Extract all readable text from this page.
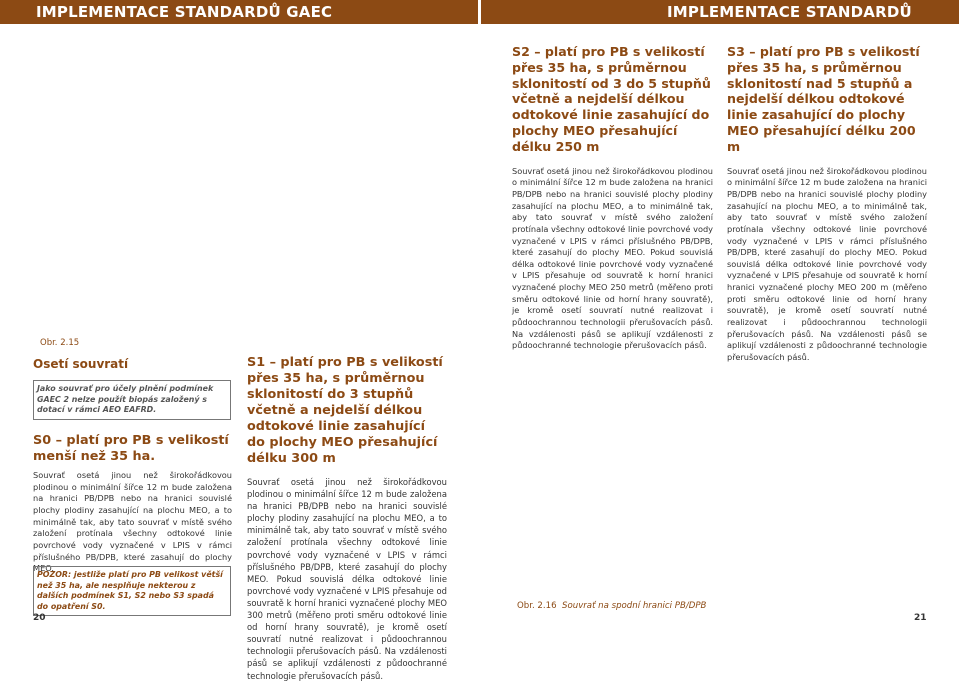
IMPLEMENTACE STANDARDŮ GAEC	IMPLEMENTACE STANDARDŮ GAEC
S2 – platí pro PB s velikostí přes 35 ha, s průměrnou sklonitostí od 3 do 5 stupňů včetně a nejdelší délkou odtokové linie zasahující do plochy MEO přesahující délku 250 m

Souvrať osetá jinou než širokořádkovou plodinou o minimální šířce 12 m bude založena na hranici PB/DPB nebo na hranici souvislé plochy plodiny zasahující na plochu MEO, a to minimálně tak, aby tato souvrať v místě svého založení protínala všechny odtokové linie povrchové vody vyznačené v LPIS v rámci příslušného PB/DPB, které zasahují do plochy MEO. Pokud souvislá délka odtokové linie povrchové vody vyznačené v LPIS přesahuje od souvratě k horní hranici vyznačené plochy MEO 250 metrů (měřeno proti směru odtokové linie od horní hrany souvratě), je kromě osetí souvratí nutné realizovat i půdoochrannou technologii přerušovacích pásů. Na vzdálenosti pásů se aplikují vzdálenosti z půdoochranné technologie přerušovacích pásů.

S3 – platí pro PB s velikostí přes 35 ha, s průměrnou sklonitostí nad 5 stupňů a nejdelší délkou odtokové linie zasahující do plochy MEO přesahující délku 200 m

Souvrať osetá jinou než širokořádkovou plodinou o minimální šířce 12 m bude založena na hranici PB/DPB nebo na hranici souvislé plochy plodiny zasahující na plochu MEO, a to minimálně tak, aby tato souvrať v místě svého založení protínala všechny odtokové linie povrchové vody vyznačené v LPIS v rámci příslušného PB/DPB, které zasahují do plochy MEO. Pokud souvislá délka odtokové linie povrchové vody vyznačené v LPIS přesahuje od souvratě k horní hranici vyznačené plochy MEO 200 m (měřeno proti směru odtokové linie od horní hrany souvratě), je kromě osetí souvratí nutné realizovat i půdoochrannou technologii přerušovacích pásů. Na vzdálenosti pásů se aplikují vzdálenosti z půdoochranné technologie přerušovacích pásů.

Obr. 2.15
Osetí souvratí
Jako souvrať pro účely plnění podmínek GAEC 2 nelze použít biopás založený s dotací v rámci AEO EAFRD.
S0 – platí pro PB s velikostí menší než 35 ha.

Souvrať osetá jinou než širokořádkovou plodinou o minimální šířce 12 m bude založena na hranici PB/DPB nebo na hranici souvislé plochy plodiny zasahující na plochu MEO, a to minimálně tak, aby tato souvrať v místě svého založení protínala všechny odtokové linie povrchové vody vyznačené v LPIS v rámci příslušného PB/DPB, které zasahují do plochy MEO.

POZOR: jestliže platí pro PB velikost větší než 35 ha, ale nesplňuje nekterou z dalších podmínek S1, S2 nebo S3 spadá do opatření S0.
S1 – platí pro PB s velikostí přes 35 ha, s průměrnou sklonitostí do 3 stupňů včetně a nejdelší délkou odtokové linie zasahující do plochy MEO přesahující délku 300 m

Souvrať osetá jinou než širokořádkovou plodinou o minimální šířce 12 m bude založena na hranici PB/DPB nebo na hranici souvislé plochy plodiny zasahující na plochu MEO, a to minimálně tak, aby tato souvrať v místě svého založení protínala všechny odtokové linie povrchové vody vyznačené v LPIS v rámci příslušného PB/DPB, které zasahují do plochy MEO. Pokud souvislá délka odtokové linie povrchové vody vyznačené v LPIS přesahuje od souvratě k horní hranici vyznačené plochy MEO 300 metrů (měřeno proti směru odtokové linie od horní hrany souvratě), je kromě osetí souvratí nutné realizovat i půdoochrannou technologii přerušovacích pásů. Na vzdálenosti pásů se aplikují vzdálenosti z půdoochranné technologie přerušovacích pásů.

Obr. 2.16 Souvrať na spodní hranici PB/DPB
20	21
